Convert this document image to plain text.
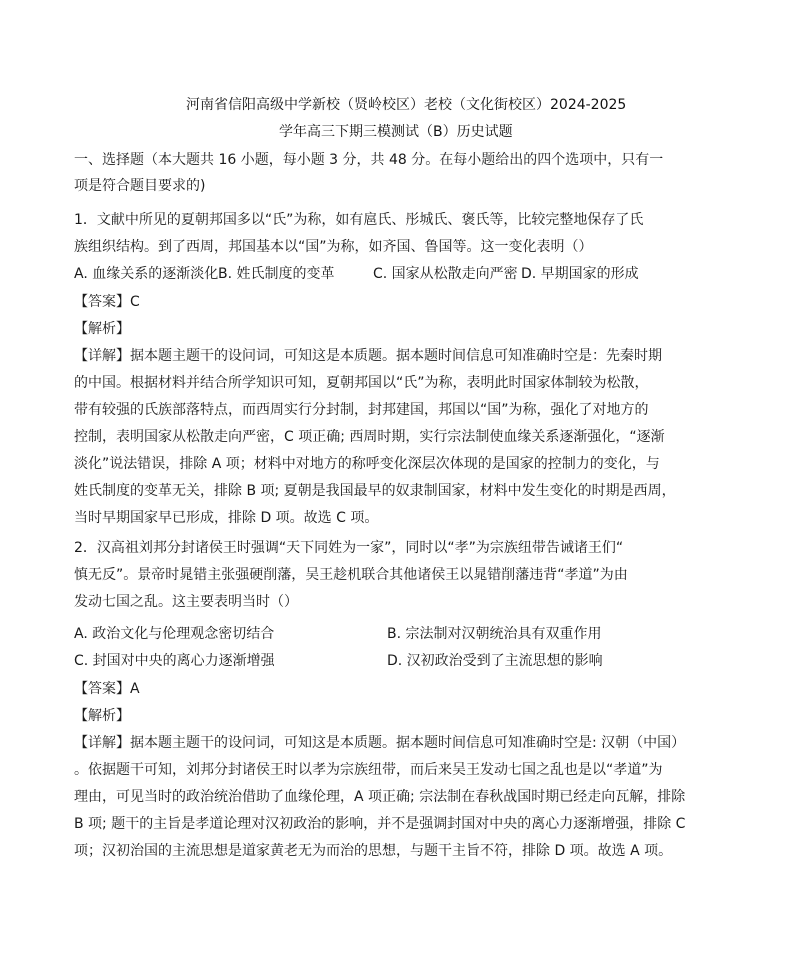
河南省信阳高级中学新校（贤岭校区）老校（文化街校区）2024-2025
学年高三下期三模测试（B）历史试题
一、选择题（本大题共 16 小题，每小题 3 分，共 48 分。在每小题给出的四个选项中，只有一
项是符合题目要求的)
1．文献中所见的夏朝邦国多以“氏”为称，如有扈氏、彤城氏、褒氏等，比较完整地保存了氏
族组织结构。到了西周，邦国基本以“国”为称，如齐国、鲁国等。这一变化表明（）
A. 血缘关系的逐渐淡化 B. 姓氏制度的变革	C. 国家从松散走向严密 D. 早期国家的形成
【答案】C
【解析】
【详解】据本题主题干的设问词，可知这是本质题。据本题时间信息可知准确时空是：先秦时期
的中国。根据材料并结合所学知识可知，夏朝邦国以“氏”为称，表明此时国家体制较为松散，
带有较强的氏族部落特点，而西周实行分封制，封邦建国，邦国以“国”为称，强化了对地方的
控制，表明国家从松散走向严密，C 项正确; 西周时期，实行宗法制使血缘关系逐渐强化，“逐渐
淡化”说法错误，排除 A 项；材料中对地方的称呼变化深层次体现的是国家的控制力的变化，与
姓氏制度的变革无关，排除 B 项; 夏朝是我国最早的奴隶制国家，材料中发生变化的时期是西周，
当时早期国家早已形成，排除 D 项。故选 C 项。
2．汉高祖刘邦分封诸侯王时强调“天下同姓为一家”，同时以“孝”为宗族纽带告诫诸王们“
慎无反”。景帝时晁错主张强硬削藩，吴王趁机联合其他诸侯王以晁错削藩违背“孝道”为由
发动七国之乱。这主要表明当时（）
A. 政治文化与伦理观念密切结合	B. 宗法制对汉朝统治具有双重作用
C. 封国对中央的离心力逐渐增强	D. 汉初政治受到了主流思想的影响
【答案】A
【解析】
【详解】据本题主题干的设问词，可知这是本质题。据本题时间信息可知准确时空是: 汉朝（中国）
。依据题干可知，刘邦分封诸侯王时以孝为宗族纽带，而后来吴王发动七国之乱也是以“孝道”为
理由，可见当时的政治统治借助了血缘伦理，A 项正确; 宗法制在春秋战国时期已经走向瓦解，排除
B 项; 题干的主旨是孝道论理对汉初政治的影响，并不是强调封国对中央的离心力逐渐增强，排除 C
项；汉初治国的主流思想是道家黄老无为而治的思想，与题干主旨不符，排除 D 项。故选 A 项。
